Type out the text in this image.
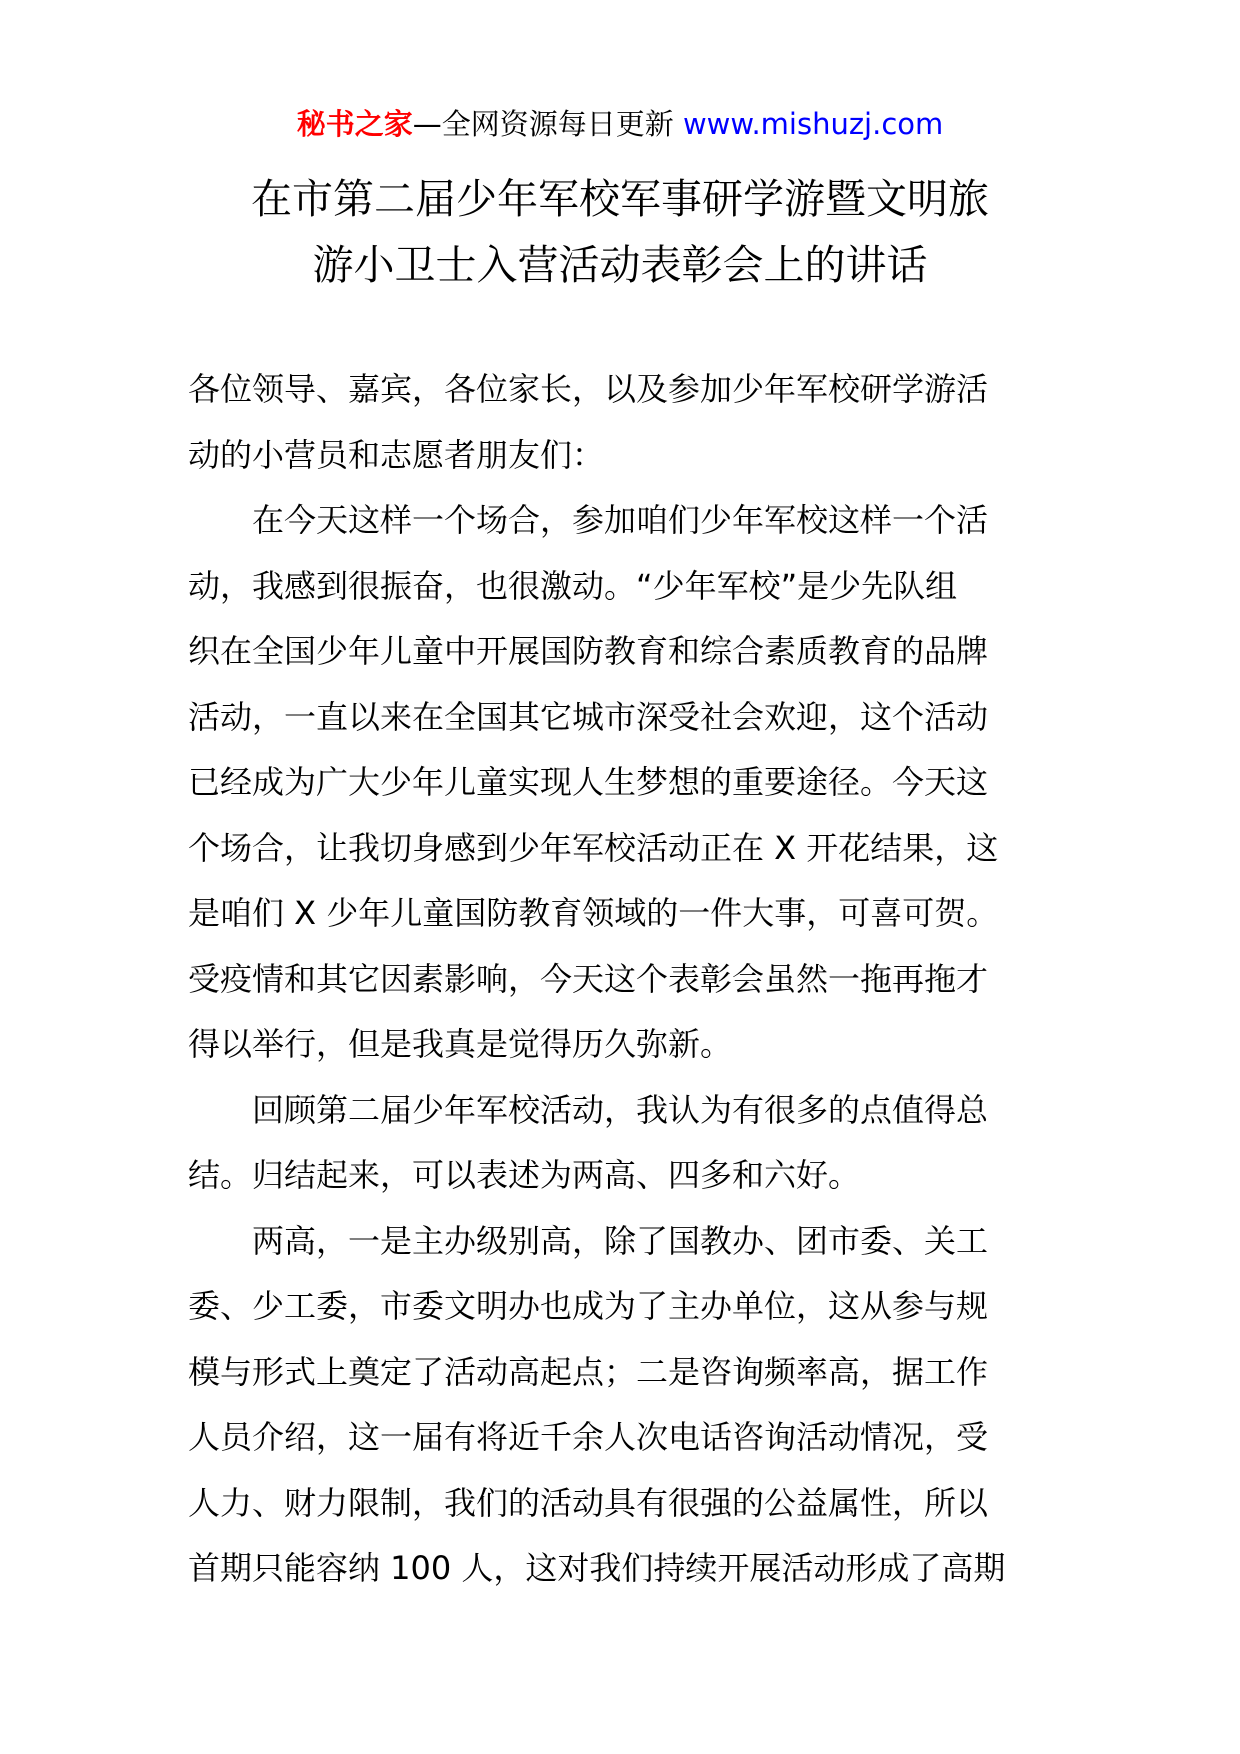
秘书之家—全网资源每日更新 www.mishuzj.com
在市第二届少年军校军事研学游暨文明旅
游小卫士入营活动表彰会上的讲话
各位领导、嘉宾，各位家长，以及参加少年军校研学游活
动的小营员和志愿者朋友们：
在今天这样一个场合，参加咱们少年军校这样一个活
动，我感到很振奋，也很激动。“少年军校”是少先队组
织在全国少年儿童中开展国防教育和综合素质教育的品牌
活动，一直以来在全国其它城市深受社会欢迎，这个活动
已经成为广大少年儿童实现人生梦想的重要途径。今天这
个场合，让我切身感到少年军校活动正在 X 开花结果，这
是咱们 X 少年儿童国防教育领域的一件大事，可喜可贺。
受疫情和其它因素影响，今天这个表彰会虽然一拖再拖才
得以举行，但是我真是觉得历久弥新。
回顾第二届少年军校活动，我认为有很多的点值得总
结。归结起来，可以表述为两高、四多和六好。
两高，一是主办级别高，除了国教办、团市委、关工
委、少工委，市委文明办也成为了主办单位，这从参与规
模与形式上奠定了活动高起点；二是咨询频率高，据工作
人员介绍，这一届有将近千余人次电话咨询活动情况，受
人力、财力限制，我们的活动具有很强的公益属性，所以
首期只能容纳 100 人，这对我们持续开展活动形成了高期
